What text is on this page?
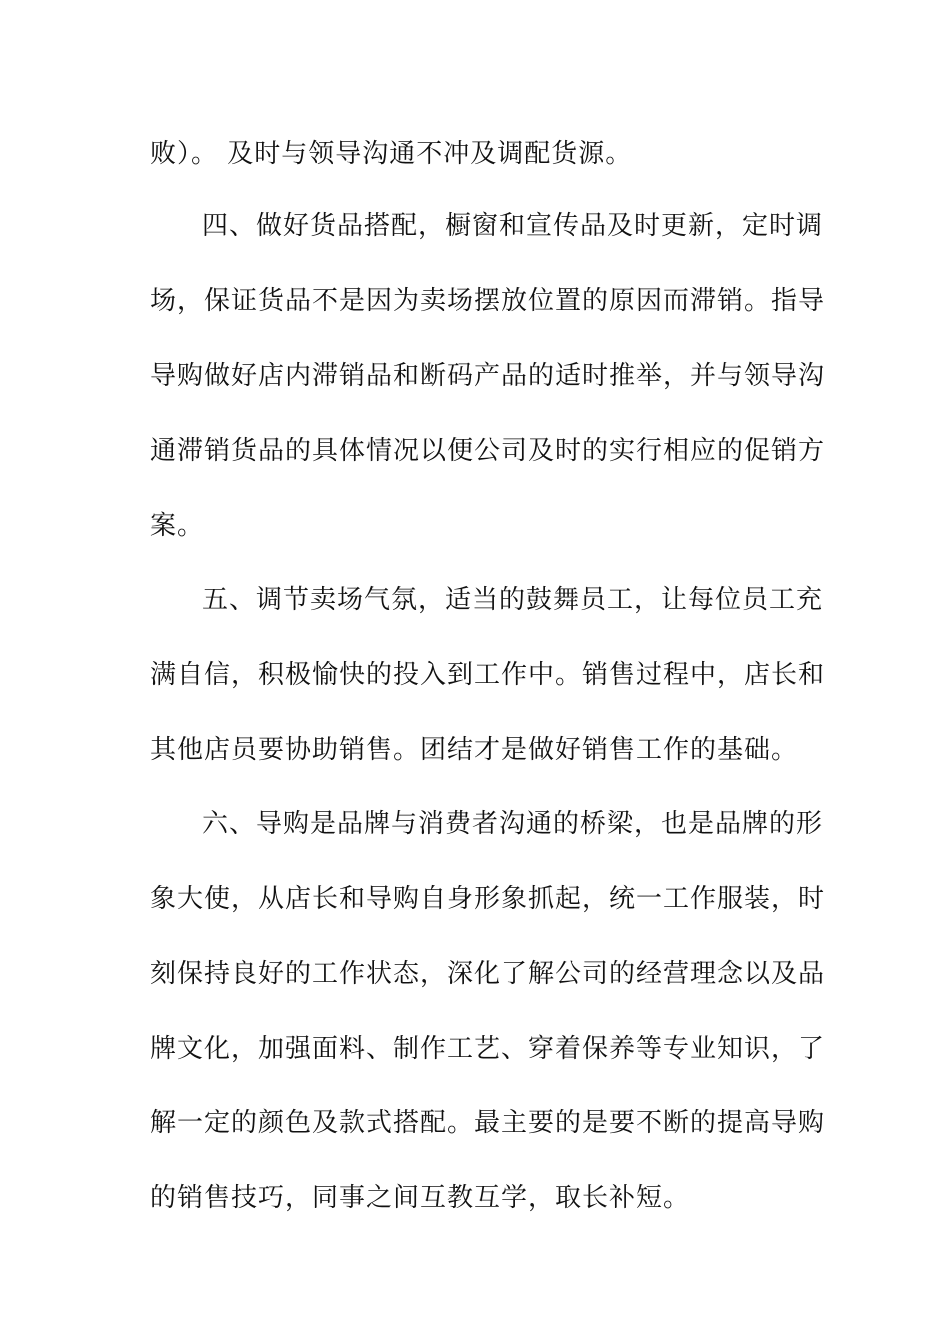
败）。 及时与领导沟通不冲及调配货源。
四、做好货品搭配，橱窗和宣传品及时更新，定时调
场，保证货品不是因为卖场摆放位置的原因而滞销。指导
导购做好店内滞销品和断码产品的适时推举，并与领导沟
通滞销货品的具体情况以便公司及时的实行相应的促销方
案。
五、调节卖场气氛，适当的鼓舞员工，让每位员工充
满自信，积极愉快的投入到工作中。销售过程中，店长和
其他店员要协助销售。团结才是做好销售工作的基础。
六、导购是品牌与消费者沟通的桥梁，也是品牌的形
象大使，从店长和导购自身形象抓起，统一工作服装，时
刻保持良好的工作状态，深化了解公司的经营理念以及品
牌文化，加强面料、制作工艺、穿着保养等专业知识，了
解一定的颜色及款式搭配。最主要的是要不断的提高导购
的销售技巧，同事之间互教互学，取长补短。
